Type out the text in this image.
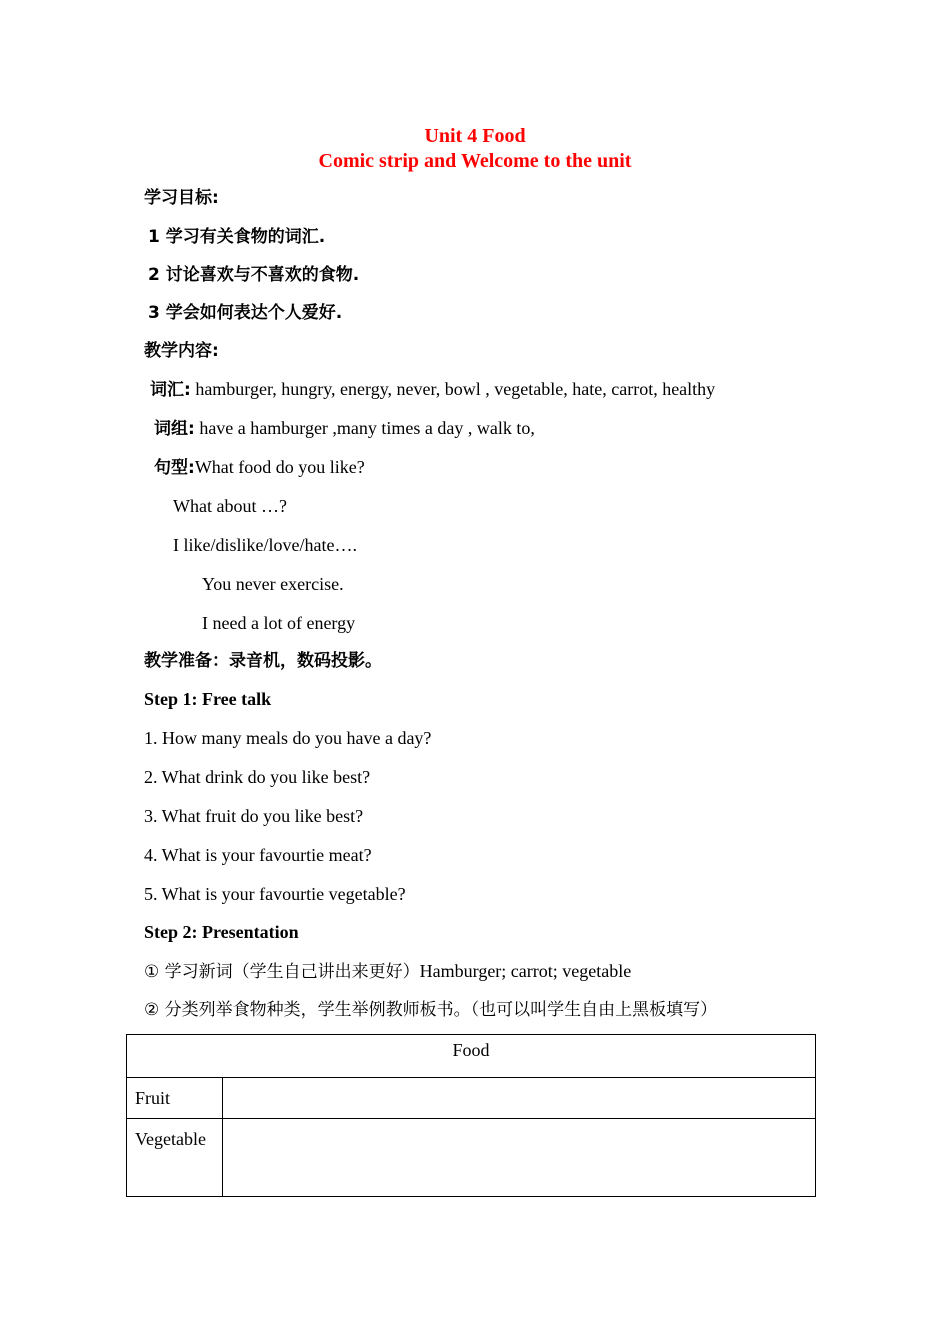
Unit 4 Food
Comic strip and Welcome to the unit
学习目标:
1 学习有关食物的词汇.
2 讨论喜欢与不喜欢的食物.
3 学会如何表达个人爱好.
教学内容:
词汇: hamburger, hungry, energy, never, bowl , vegetable, hate, carrot, healthy
词组: have a hamburger ,many times a day , walk to,
句型:What food do you like?
What about …?
I like/dislike/love/hate….
You never exercise.
I need a lot of energy
教学准备：录音机，数码投影。
Step 1: Free talk
1. How many meals do you have a day?
2. What drink do you like best?
3. What fruit do you like best?
4. What is your favourtie meat?
5. What is your favourtie vegetable?
Step 2: Presentation
① 学习新词（学生自己讲出来更好）Hamburger; carrot; vegetable
② 分类列举食物种类，学生举例教师板书。（也可以叫学生自由上黑板填写）
Food	
Fruit	
Vegetable	
